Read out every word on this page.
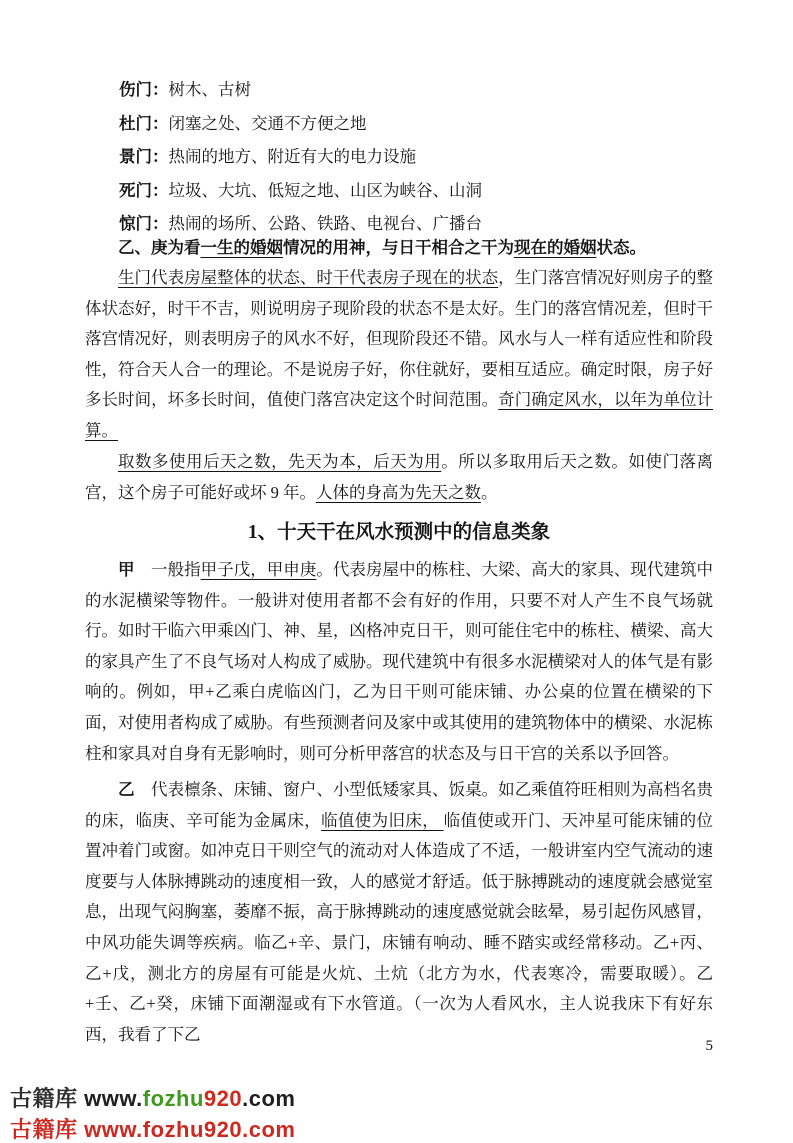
伤门：树木、古树
杜门：闭塞之处、交通不方便之地
景门：热闹的地方、附近有大的电力设施
死门：垃圾、大坑、低短之地、山区为峡谷、山洞
惊门：热闹的场所、公路、铁路、电视台、广播台
乙、庚为看一生的婚姻情况的用神，与日干相合之干为现在的婚姻状态。
生门代表房屋整体的状态、时干代表房子现在的状态，生门落宫情况好则房子的整体状态好，时干不吉，则说明房子现阶段的状态不是太好。生门的落宫情况差，但时干落宫情况好，则表明房子的风水不好，但现阶段还不错。风水与人一样有适应性和阶段性，符合天人合一的理论。不是说房子好，你住就好，要相互适应。确定时限，房子好多长时间，坏多长时间，值使门落宫决定这个时间范围。奇门确定风水，以年为单位计算。
取数多使用后天之数，先天为本，后天为用。所以多取用后天之数。如使门落离宫，这个房子可能好或坏 9 年。人体的身高为先天之数。
1、十天干在风水预测中的信息类象
甲　一般指甲子戊，甲申庚。代表房屋中的栋柱、大梁、高大的家具、现代建筑中的水泥横梁等物件。一般讲对使用者都不会有好的作用，只要不对人产生不良气场就行。如时干临六甲乘凶门、神、星，凶格冲克日干，则可能住宅中的栋柱、横梁、高大的家具产生了不良气场对人构成了威胁。现代建筑中有很多水泥横梁对人的体气是有影响的。例如，甲+乙乘白虎临凶门，乙为日干则可能床铺、办公桌的位置在横梁的下面，对使用者构成了威胁。有些预测者问及家中或其使用的建筑物体中的横梁、水泥栋柱和家具对自身有无影响时，则可分析甲落宫的状态及与日干宫的关系以予回答。
乙　代表檩条、床铺、窗户、小型低矮家具、饭桌。如乙乘值符旺相则为高档名贵的床，临庚、辛可能为金属床，临值使为旧床， 临值使或开门、天冲星可能床铺的位置冲着门或窗。如冲克日干则空气的流动对人体造成了不适，一般讲室内空气流动的速度要与人体脉搏跳动的速度相一致，人的感觉才舒适。低于脉搏跳动的速度就会感觉室息，出现气闷胸塞，萎靡不振，高于脉搏跳动的速度感觉就会眩晕，易引起伤风感冒，中风功能失调等疾病。临乙+辛、景门，床铺有响动、睡不踏实或经常移动。乙+丙、乙+戊，测北方的房屋有可能是火炕、土炕（北方为水，代表寒冷，需要取暖）。乙+壬、乙+癸，床铺下面潮湿或有下水管道。（一次为人看风水，主人说我床下有好东西，我看了下乙
5
古籍库 www.fozhu920.com
古籍库 www.fozhu920.com
